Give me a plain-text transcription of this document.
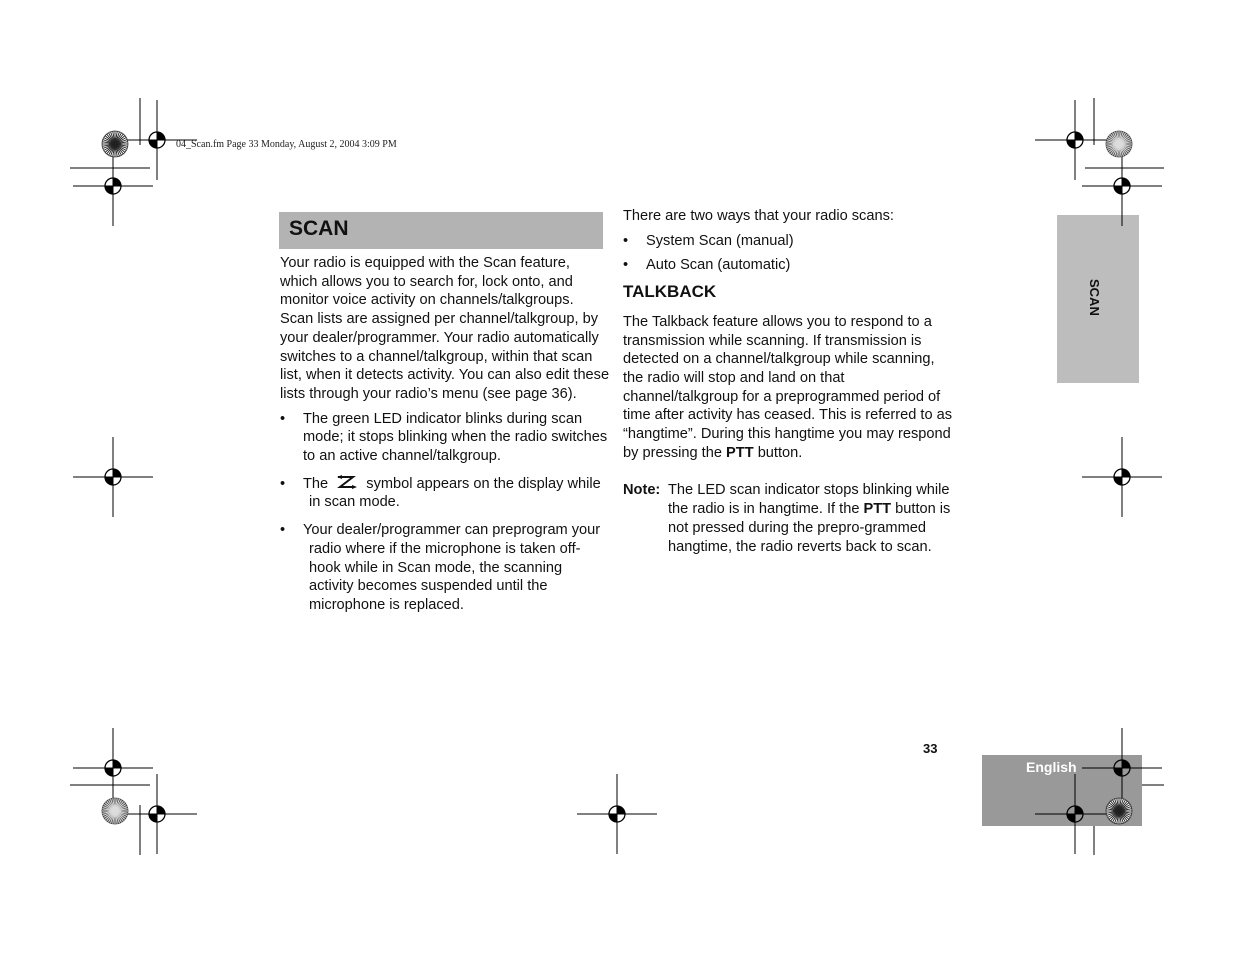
04_Scan.fm Page 33 Monday, August 2, 2004 3:09 PM
SCAN

Your radio is equipped with the Scan feature, which allows you to search for, lock onto, and monitor voice activity on channels/talkgroups. Scan lists are assigned per channel/talkgroup, by your dealer/programmer. Your radio automatically switches to a channel/talkgroup, within that scan list, when it detects activity. You can also edit these lists through your radio’s menu (see page 36).

• The green LED indicator blinks during scan mode; it stops blinking when the radio switches to an active channel/talkgroup.
• The	symbol appears on the display while in scan mode.
• Your dealer/programmer can preprogram your radio where if the microphone is taken off-hook while in Scan mode, the scanning activity becomes suspended until the microphone is replaced.

There are two ways that your radio scans:

• System Scan (manual)
• Auto Scan (automatic)
TALKBACK

The Talkback feature allows you to respond to a transmission while scanning. If transmission is detected on a channel/talkgroup while scanning, the radio will stop and land on that channel/talkgroup for a preprogrammed period of time after activity has ceased. This is referred to as “hangtime”. During this hangtime you may respond by pressing the PTT button.

Note: The LED scan indicator stops blinking while the radio is in hangtime. If the PTT button is not pressed during the prepro-grammed hangtime, the radio reverts back to scan.
SCAN
33
English
